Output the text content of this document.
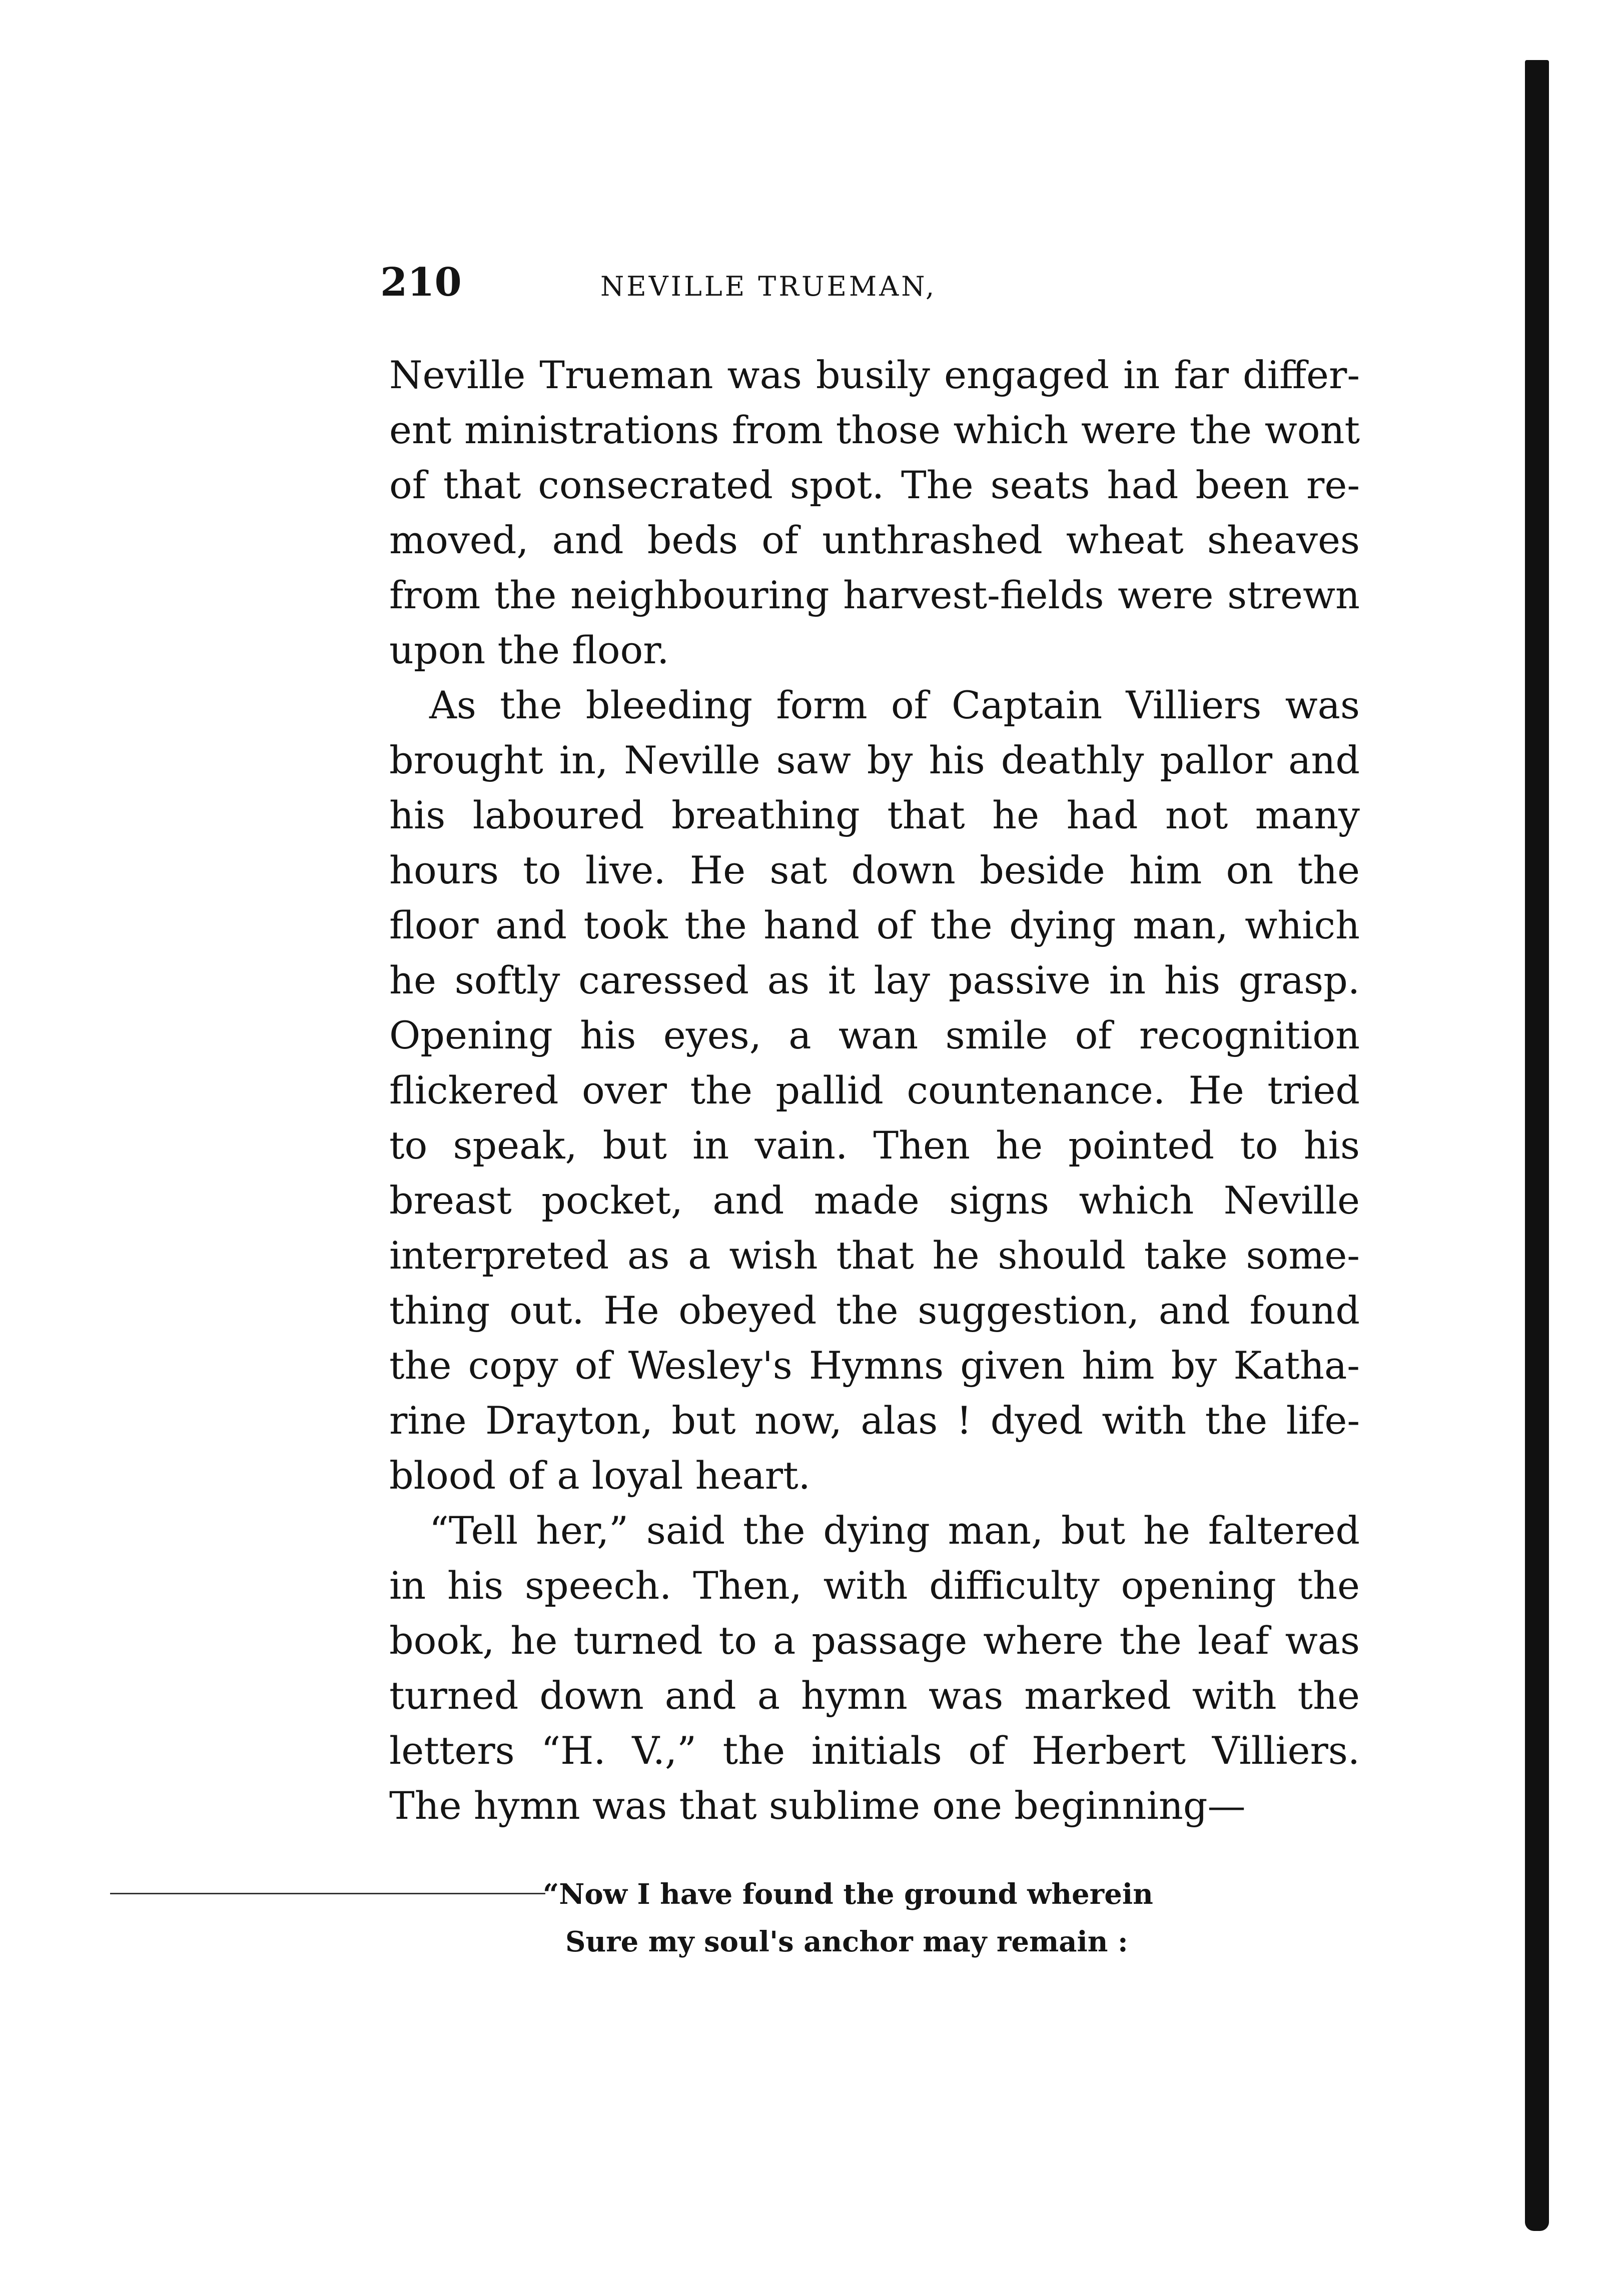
210	NEVILLE TRUEMAN,
Neville Trueman was busily engaged in far differ-
ent ministrations from those which were the wont
of that consecrated spot. The seats had been re-
moved, and beds of unthrashed wheat sheaves
from the neighbouring harvest-fields were strewn
upon the floor.
As the bleeding form of Captain Villiers was
brought in, Neville saw by his deathly pallor and
his laboured breathing that he had not many
hours to live. He sat down beside him on the
floor and took the hand of the dying man, which
he softly caressed as it lay passive in his grasp.
Opening his eyes, a wan smile of recognition
flickered over the pallid countenance. He tried
to speak, but in vain. Then he pointed to his
breast pocket, and made signs which Neville
interpreted as a wish that he should take some-
thing out. He obeyed the suggestion, and found
the copy of Wesley's Hymns given him by Katha-
rine Drayton, but now, alas ! dyed with the life-
blood of a loyal heart.
“Tell her,” said the dying man, but he faltered
in his speech. Then, with difficulty opening the
book, he turned to a passage where the leaf was
turned down and a hymn was marked with the
letters “H. V.,” the initials of Herbert Villiers.
The hymn was that sublime one beginning—
“Now I have found the ground wherein
Sure my soul's anchor may remain :
